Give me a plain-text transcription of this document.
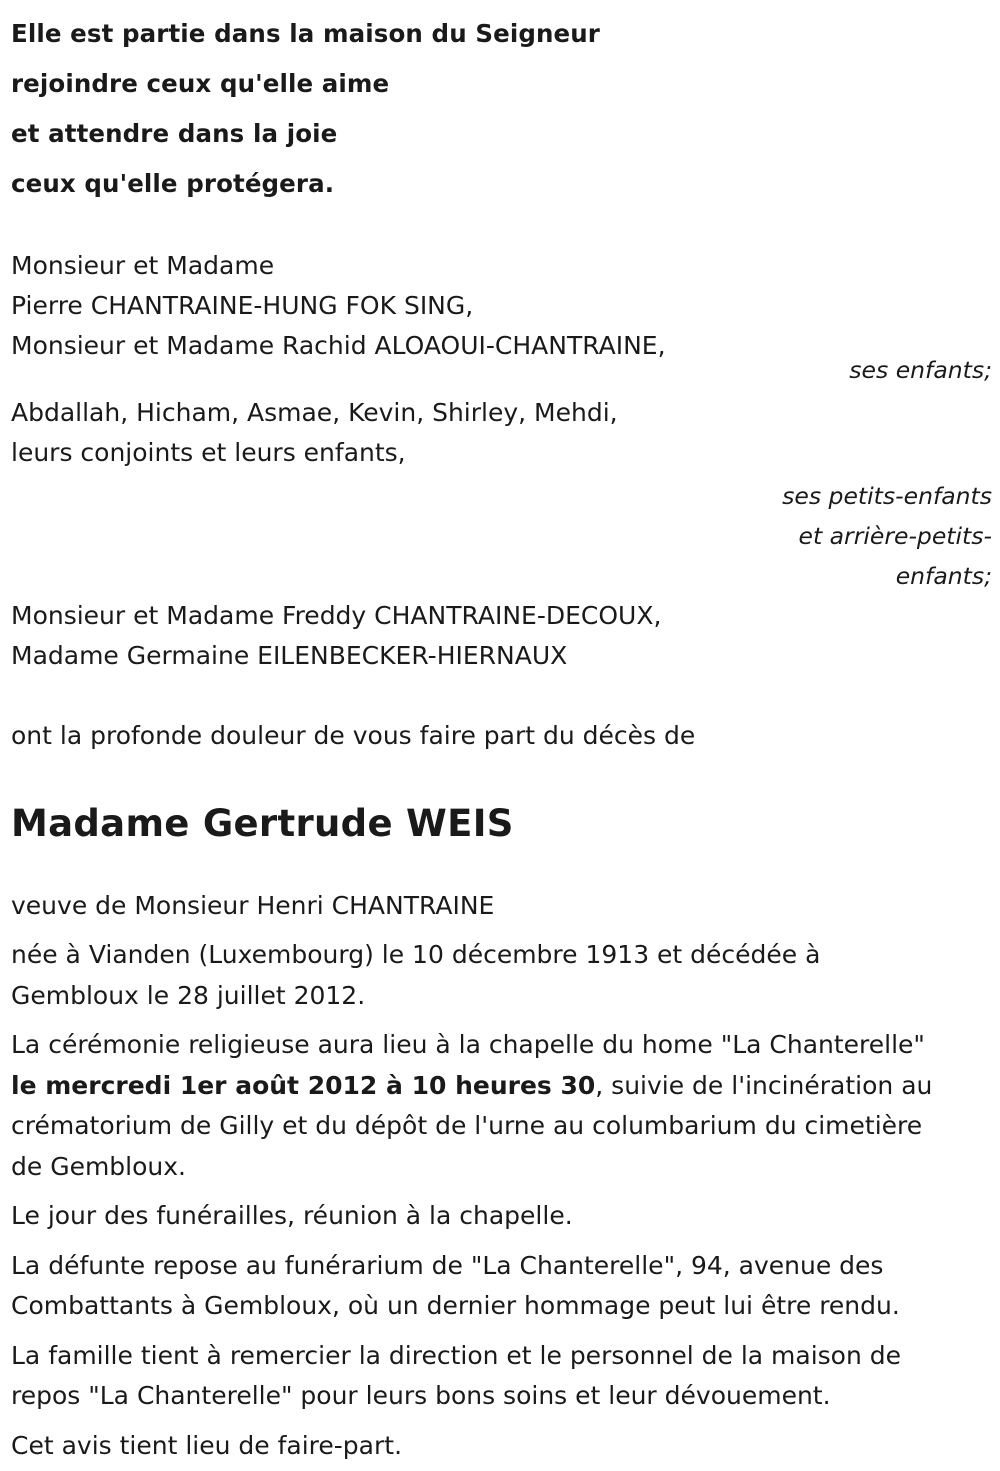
Elle est partie dans la maison du Seigneur
rejoindre ceux qu'elle aime
et attendre dans la joie
ceux qu'elle protégera.
Monsieur et Madame
Pierre CHANTRAINE-HUNG FOK SING,
Monsieur et Madame Rachid ALOAOUI-CHANTRAINE,
ses enfants;
Abdallah, Hicham, Asmae, Kevin, Shirley, Mehdi,
leurs conjoints et leurs enfants,
ses petits-enfants
et arrière-petits-
enfants;
Monsieur et Madame Freddy CHANTRAINE-DECOUX,
Madame Germaine EILENBECKER-HIERNAUX
ont la profonde douleur de vous faire part du décès de
Madame Gertrude WEIS
veuve de Monsieur Henri CHANTRAINE
née à Vianden (Luxembourg) le 10 décembre 1913 et décédée à
Gembloux le 28 juillet 2012.
La cérémonie religieuse aura lieu à la chapelle du home "La Chanterelle"
le mercredi 1er août 2012 à 10 heures 30, suivie de l'incinération au
crématorium de Gilly et du dépôt de l'urne au columbarium du cimetière
de Gembloux.
Le jour des funérailles, réunion à la chapelle.
La défunte repose au funérarium de "La Chanterelle", 94, avenue des
Combattants à Gembloux, où un dernier hommage peut lui être rendu.
La famille tient à remercier la direction et le personnel de la maison de
repos "La Chanterelle" pour leurs bons soins et leur dévouement.
Cet avis tient lieu de faire-part.
